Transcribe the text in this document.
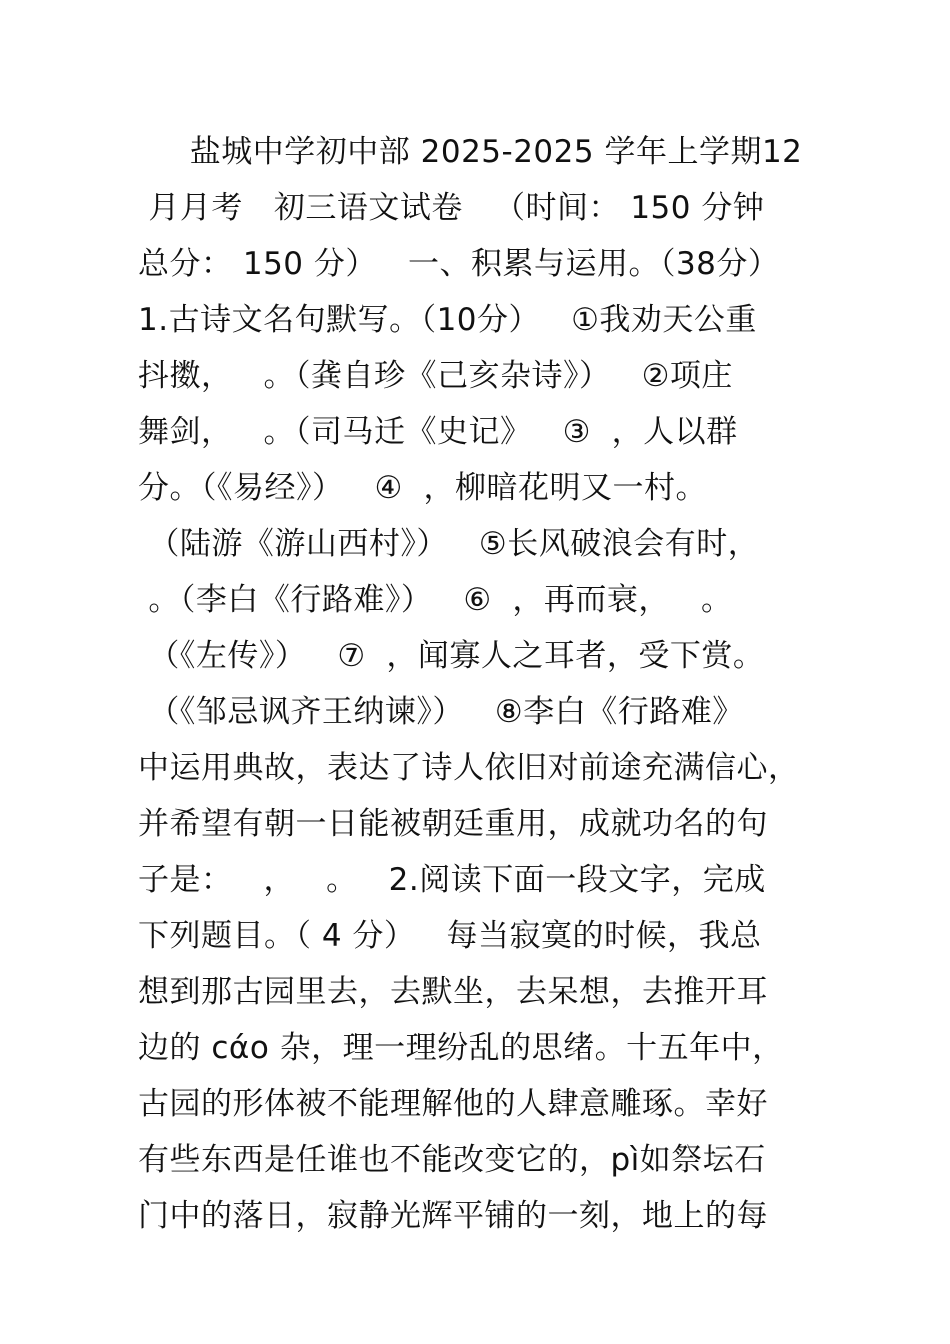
盐城中学初中部 2025-2025 学年上学期12
月月考   初三语文试卷   （时间： 150 分钟
总分： 150 分）   一、积累与运用。（38分）
1.古诗文名句默写。（10分）   ①我劝天公重
抖擞，   。（龚自珍《己亥杂诗》）   ②项庄
舞剑，   。（司马迁《史记》   ③  ，人以群
分。（《易经》）   ④  ，柳暗花明又一村。
（陆游《游山西村》）   ⑤长风破浪会有时，
。（李白《行路难》）   ⑥  ，再而衰，   。
（《左传》）   ⑦  ，闻寡人之耳者，受下赏。
（《邹忌讽齐王纳谏》）   ⑧李白《行路难》
中运用典故，表达了诗人依旧对前途充满信心，
并希望有朝一日能被朝廷重用，成就功名的句
子是：   ，   。   2.阅读下面一段文字，完成
下列题目。（ 4 分）   每当寂寞的时候，我总
想到那古园里去，去默坐，去呆想，去推开耳
边的 cάo 杂，理一理纷乱的思绪。十五年中，
古园的形体被不能理解他的人肆意雕琢。幸好
有些东西是任谁也不能改变它的，pì如祭坛石
门中的落日，寂静光辉平铺的一刻，地上的每
